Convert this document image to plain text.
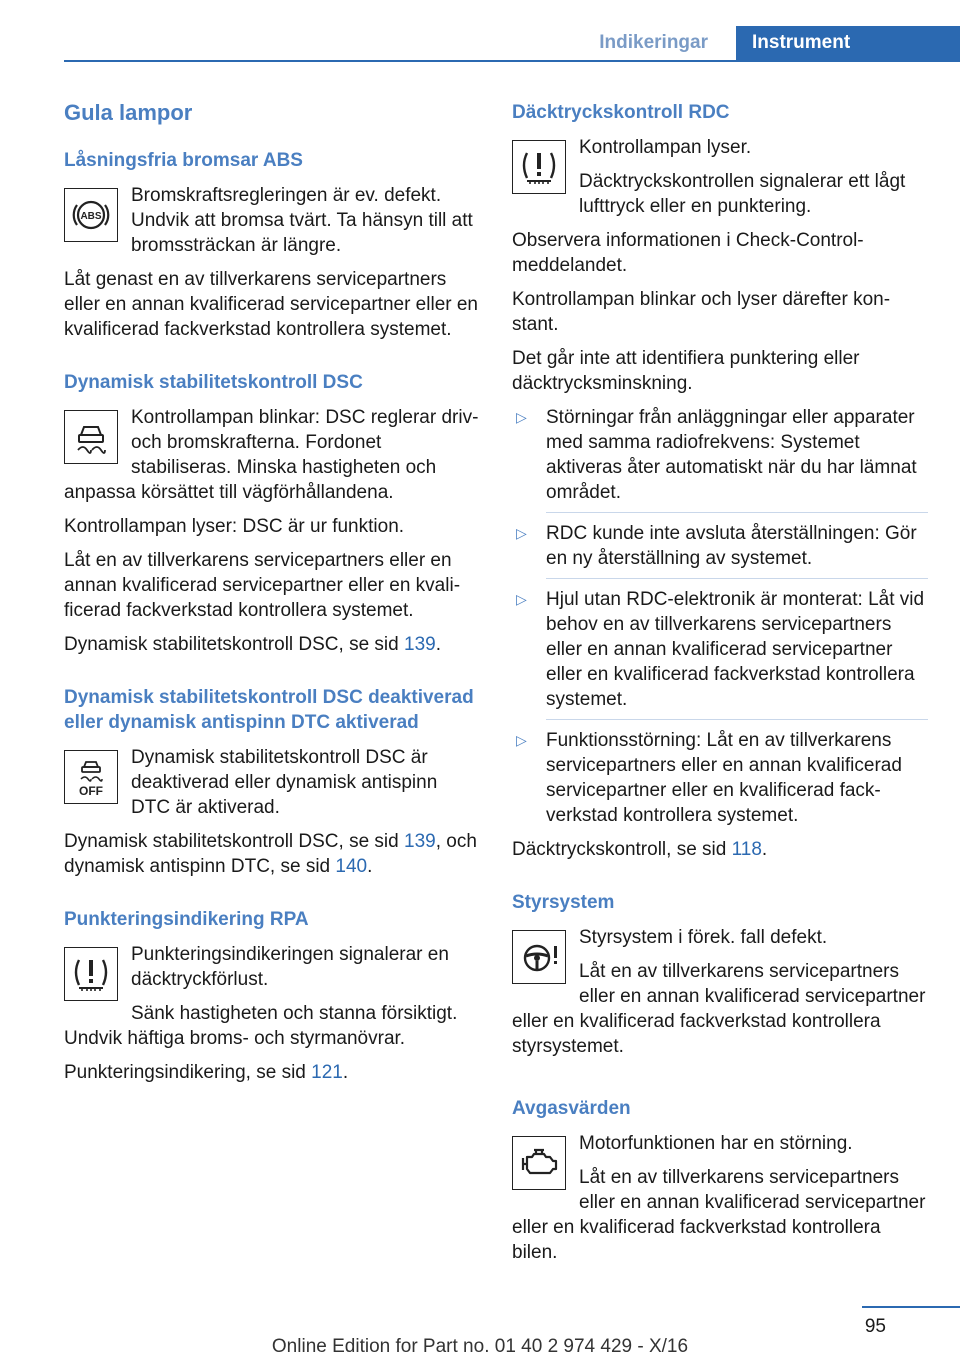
Indikeringar	Instrument
Gula lampor
Låsningsfria bromsar ABS
ABS

Bromskraftsregleringen är ev. defekt. Undvik att bromsa tvärt. Ta hänsyn till att bromssträckan är längre.

Låt genast en av tillverkarens servicepartners eller en annan kvalificerad servicepartner eller en kvalificerad fackverkstad kontrollera systemet.

Dynamisk stabilitetskontroll DSC

Kontrollampan blinkar: DSC reglerar driv- och bromskrafterna. Fordonet stabiliseras. Minska hastigheten och anpassa körsättet till vägförhållandena.

Kontrollampan lyser: DSC är ur funktion.

Låt en av tillverkarens servicepartners eller en annan kvalificerad servicepartner eller en kvalificerad fackverkstad kontrollera systemet.

Dynamisk stabilitetskontroll DSC, se sid 139.

Dynamisk stabilitetskontroll DSC deaktiverad eller dynamisk antispinn DTC aktiverad
OFF

Dynamisk stabilitetskontroll DSC är deaktiverad eller dynamisk antispinn DTC är aktiverad.

Dynamisk stabilitetskontroll DSC, se sid 139, och dynamisk antispinn DTC, se sid 140.

Punkteringsindikering RPA

Punkteringsindikeringen signalerar en däcktryckförlust.

Sänk hastigheten och stanna försiktigt. Undvik häftiga broms- och styrmanövrar.

Punkteringsindikering, se sid 121.

Däcktryckskontroll RDC

Kontrollampan lyser.

Däcktryckskontrollen signalerar ett lågt lufttryck eller en punktering.

Observera informationen i Check-Control-meddelandet.

Kontrollampan blinkar och lyser därefter konstant.

Det går inte att identifiera punktering eller däcktrycksminskning.

▷ Störningar från anläggningar eller apparater med samma radiofrekvens: Systemet aktiveras åter automatiskt när du har lämnat området.
▷ RDC kunde inte avsluta återställningen: Gör en ny återställning av systemet.
▷ Hjul utan RDC-elektronik är monterat: Låt vid behov en av tillverkarens servicepartners eller en annan kvalificerad servicepartner eller en kvalificerad fackverkstad kontrollera systemet.
▷ Funktionsstörning: Låt en av tillverkarens servicepartners eller en annan kvalificerad servicepartner eller en kvalificerad fackverkstad kontrollera systemet.

Däcktryckskontroll, se sid 118.

Styrsystem

Styrsystem i förek. fall defekt.

Låt en av tillverkarens servicepartners eller en annan kvalificerad servicepartner eller en kvalificerad fackverkstad kontrollera styrsystemet.

Avgasvärden

Motorfunktionen har en störning.

Låt en av tillverkarens servicepartners eller en annan kvalificerad servicepartner eller en kvalificerad fackverkstad kontrollera bilen.

95
Online Edition for Part no. 01 40 2 974 429 - X/16
